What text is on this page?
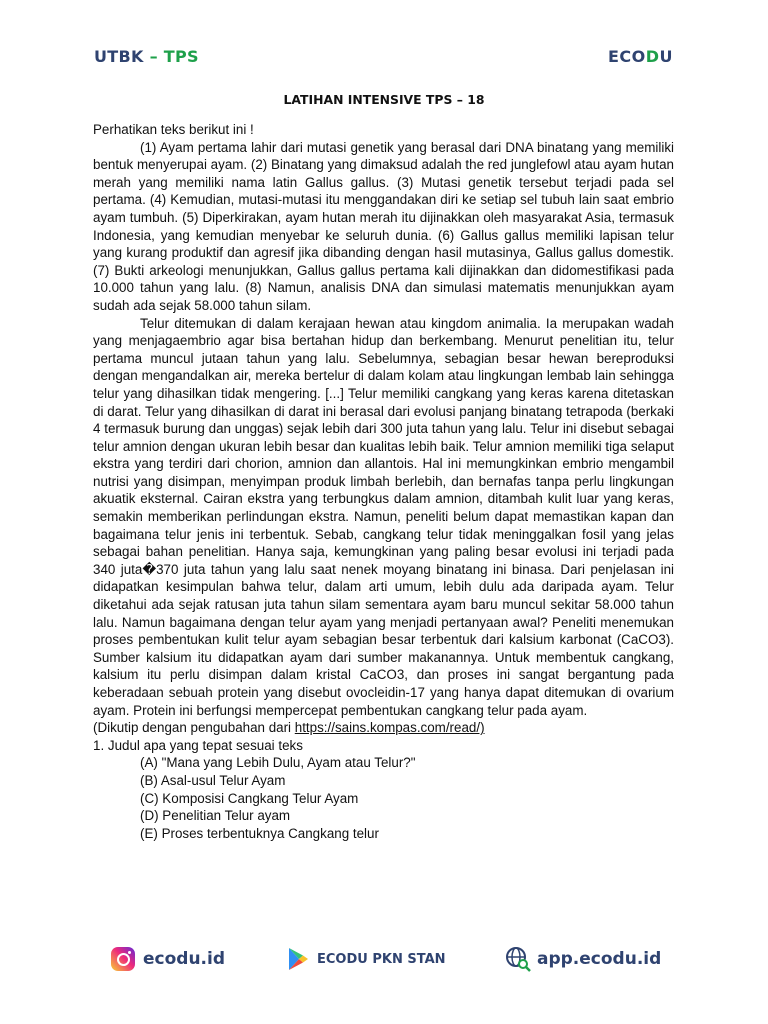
UTBK – TPS	ECODU
LATIHAN INTENSIVE TPS – 18

Perhatikan teks berikut ini !

(1) Ayam pertama lahir dari mutasi genetik yang berasal dari DNA binatang yang memiliki bentuk menyerupai ayam. (2) Binatang yang dimaksud adalah the red junglefowl atau ayam hutan merah yang memiliki nama latin Gallus gallus. (3) Mutasi genetik tersebut terjadi pada sel pertama. (4) Kemudian, mutasi-mutasi itu menggandakan diri ke setiap sel tubuh lain saat embrio ayam tumbuh. (5) Diperkirakan, ayam hutan merah itu dijinakkan oleh masyarakat Asia, termasuk Indonesia, yang kemudian menyebar ke seluruh dunia. (6) Gallus gallus memiliki lapisan telur yang kurang produktif dan agresif jika dibanding dengan hasil mutasinya, Gallus gallus domestik. (7) Bukti arkeologi menunjukkan, Gallus gallus pertama kali dijinakkan dan didomestifikasi pada 10.000 tahun yang lalu. (8) Namun, analisis DNA dan simulasi matematis menunjukkan ayam sudah ada sejak 58.000 tahun silam.

Telur ditemukan di dalam kerajaan hewan atau kingdom animalia. Ia merupakan wadah yang menjagaembrio agar bisa bertahan hidup dan berkembang. Menurut penelitian itu, telur pertama muncul jutaan tahun yang lalu. Sebelumnya, sebagian besar hewan bereproduksi dengan mengandalkan air, mereka bertelur di dalam kolam atau lingkungan lembab lain sehingga telur yang dihasilkan tidak mengering. [...] Telur memiliki cangkang yang keras karena ditetaskan di darat. Telur yang dihasilkan di darat ini berasal dari evolusi panjang binatang tetrapoda (berkaki 4 termasuk burung dan unggas) sejak lebih dari 300 juta tahun yang lalu. Telur ini disebut sebagai telur amnion dengan ukuran lebih besar dan kualitas lebih baik. Telur amnion memiliki tiga selaput ekstra yang terdiri dari chorion, amnion dan allantois. Hal ini memungkinkan embrio mengambil nutrisi yang disimpan, menyimpan produk limbah berlebih, dan bernafas tanpa perlu lingkungan akuatik eksternal. Cairan ekstra yang terbungkus dalam amnion, ditambah kulit luar yang keras, semakin memberikan perlindungan ekstra. Namun, peneliti belum dapat memastikan kapan dan bagaimana telur jenis ini terbentuk. Sebab, cangkang telur tidak meninggalkan fosil yang jelas sebagai bahan penelitian. Hanya saja, kemungkinan yang paling besar evolusi ini terjadi pada 340 juta�370 juta tahun yang lalu saat nenek moyang binatang ini binasa. Dari penjelasan ini didapatkan kesimpulan bahwa telur, dalam arti umum, lebih dulu ada daripada ayam. Telur diketahui ada sejak ratusan juta tahun silam sementara ayam baru muncul sekitar 58.000 tahun lalu. Namun bagaimana dengan telur ayam yang menjadi pertanyaan awal? Peneliti menemukan proses pembentukan kulit telur ayam sebagian besar terbentuk dari kalsium karbonat (CaCO3). Sumber kalsium itu didapatkan ayam dari sumber makanannya. Untuk membentuk cangkang, kalsium itu perlu disimpan dalam kristal CaCO3, dan proses ini sangat bergantung pada keberadaan sebuah protein yang disebut ovocleidin-17 yang hanya dapat ditemukan di ovarium ayam. Protein ini berfungsi mempercepat pembentukan cangkang telur pada ayam.

(Dikutip dengan pengubahan dari https://sains.kompas.com/read/)

1. Judul apa yang tepat sesuai teks

(A) "Mana yang Lebih Dulu, Ayam atau Telur?"

(B) Asal-usul Telur Ayam

(C) Komposisi Cangkang Telur Ayam

(D) Penelitian Telur ayam

(E) Proses terbentuknya Cangkang telur

ecodu.id	ECODU PKN STAN	app.ecodu.id
